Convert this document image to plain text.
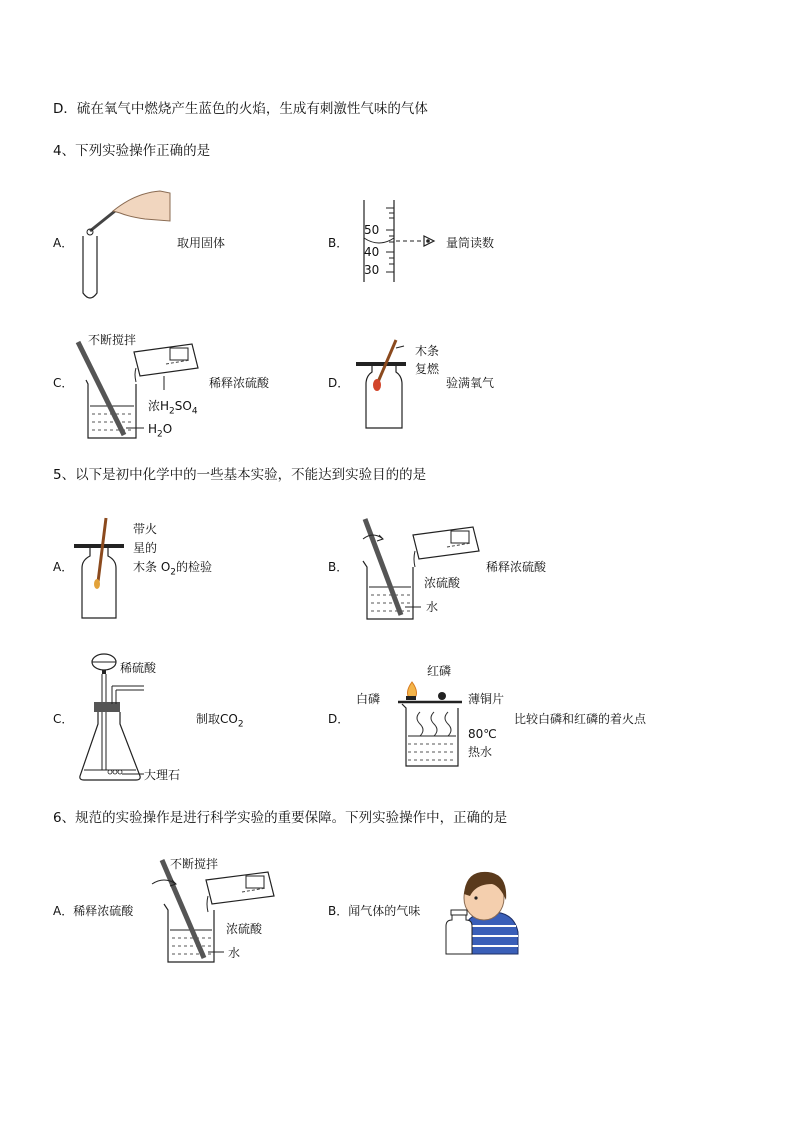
D．硫在氧气中燃烧产生蓝色的火焰，生成有刺激性气味的气体
4、下列实验操作正确的是
5、以下是初中化学中的一些基本实验，不能达到实验目的的是
6、规范的实验操作是进行科学实验的重要保障。下列实验操作中，正确的是
A．	取用固体	B．
50
40
30
量筒读数
C．
不断搅拌
浓$H_2SO_4$
$H_2O$
稀释浓硫酸	D．
木条
复燃
验满氧气
A．
带火
星的
木条 $O_2$的检验	B．
浓硫酸
水
稀释浓硫酸
C．
稀硫酸
大理石
制取$CO_2$	D．
红磷
白磷	薄铜片
80℃
热水
比较白磷和红磷的着火点
A．稀释浓硫酸
不断搅拌
浓硫酸
水
B．闻气体的气味
